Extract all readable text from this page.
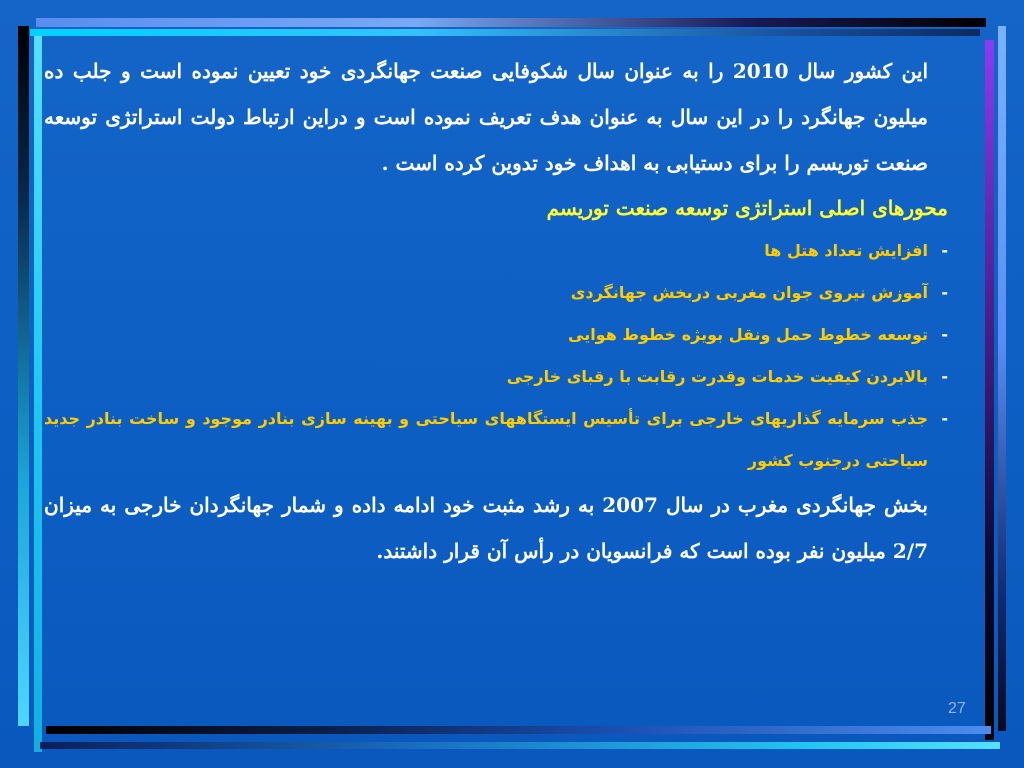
این کشور سال 2010 را به عنوان سال شکوفایی صنعت جهانگردی خود تعیین نموده است و جلب ده میلیون جهانگرد را در این سال به عنوان هدف تعریف نموده است و دراین ارتباط دولت استراتژی توسعه صنعت توریسم را برای دستیابی به اهداف خود تدوین کرده است .

محورهای اصلی استراتژی توسعه صنعت توریسم
-
افزایش تعداد هتل ها
-
آموزش نیروی جوان مغربی دربخش جهانگردی
-
توسعه خطوط حمل ونقل بویژه خطوط هوایی
-
بالابردن کیفیت خدمات وقدرت رقابت با رقبای خارجی
-
جذب سرمایه گذاریهای خارجی برای تأسیس ایستگاههای سیاحتی و بهینه سازی بنادر موجود و ساخت بنادر جدید سیاحتی درجنوب کشور

بخش جهانگردی مغرب در سال 2007 به رشد مثبت خود ادامه داده و شمار جهانگردان خارجی به میزان 2/7 میلیون نفر بوده است که فرانسویان در رأس آن قرار داشتند.

27
